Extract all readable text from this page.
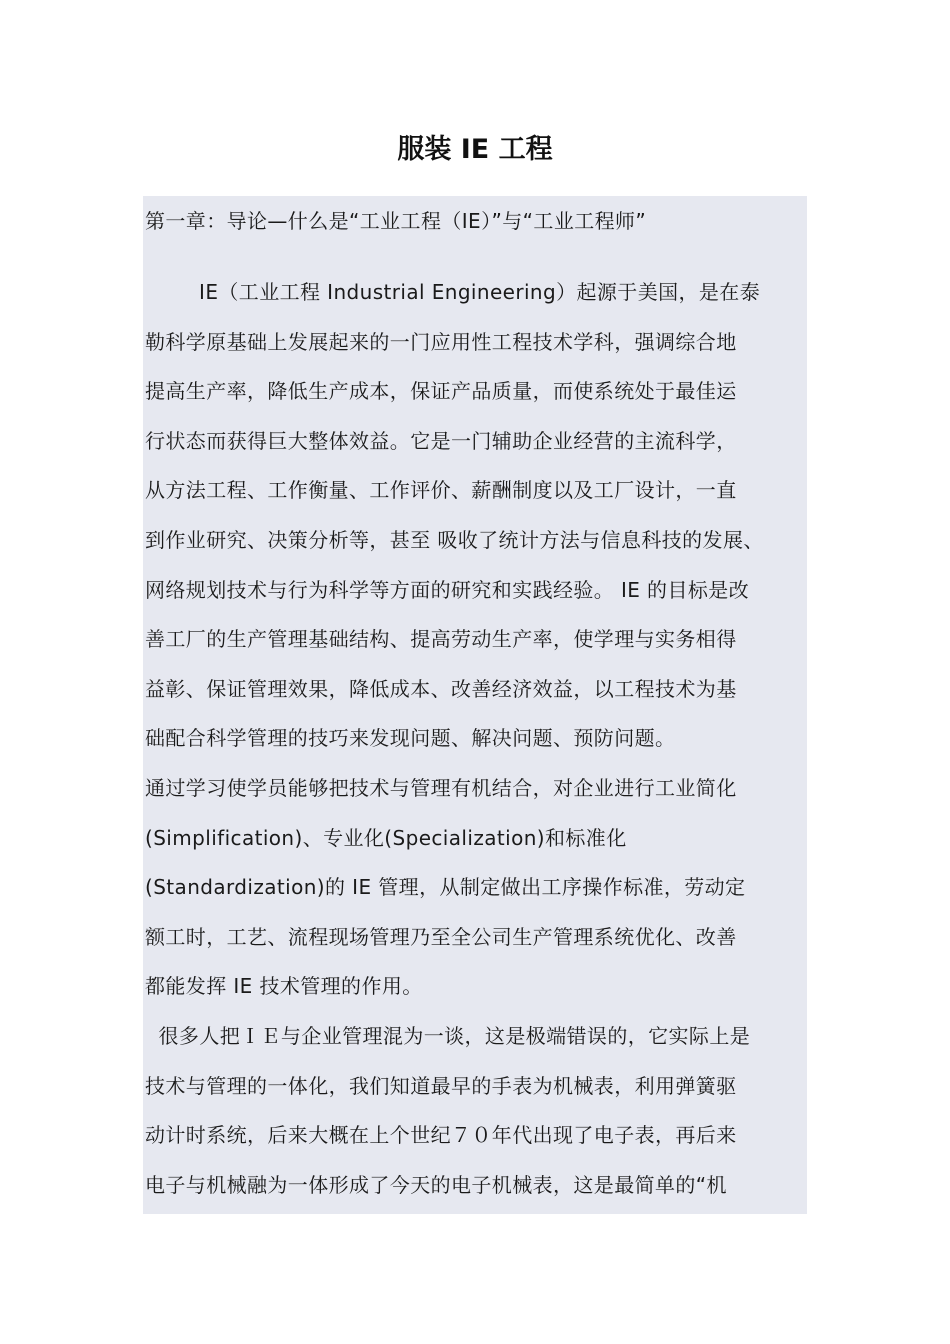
服装 IE 工程
第一章：导论—什么是“工业工程（IE）”与“工业工程师”
IE（工业工程 Industrial Engineering）起源于美国，是在泰
勒科学原基础上发展起来的一门应用性工程技术学科，强调综合地
提高生产率，降低生产成本，保证产品质量，而使系统处于最佳运
行状态而获得巨大整体效益。它是一门辅助企业经营的主流科学，
从方法工程、工作衡量、工作评价、薪酬制度以及工厂设计，一直
到作业研究、决策分析等，甚至 吸收了统计方法与信息科技的发展、
网络规划技术与行为科学等方面的研究和实践经验。 IE 的目标是改
善工厂的生产管理基础结构、提高劳动生产率，使学理与实务相得
益彰、保证管理效果，降低成本、改善经济效益，以工程技术为基
础配合科学管理的技巧来发现问题、解决问题、预防问题。
通过学习使学员能够把技术与管理有机结合，对企业进行工业简化
(Simplification)、专业化(Specialization)和标准化
(Standardization)的 IE 管理，从制定做出工序操作标准，劳动定
额工时，工艺、流程现场管理乃至全公司生产管理系统优化、改善
都能发挥 IE 技术管理的作用。
很多人把ＩＥ与企业管理混为一谈，这是极端错误的，它实际上是
技术与管理的一体化，我们知道最早的手表为机械表，利用弹簧驱
动计时系统，后来大概在上个世纪７０年代出现了电子表，再后来
电子与机械融为一体形成了今天的电子机械表，这是最简单的“机
